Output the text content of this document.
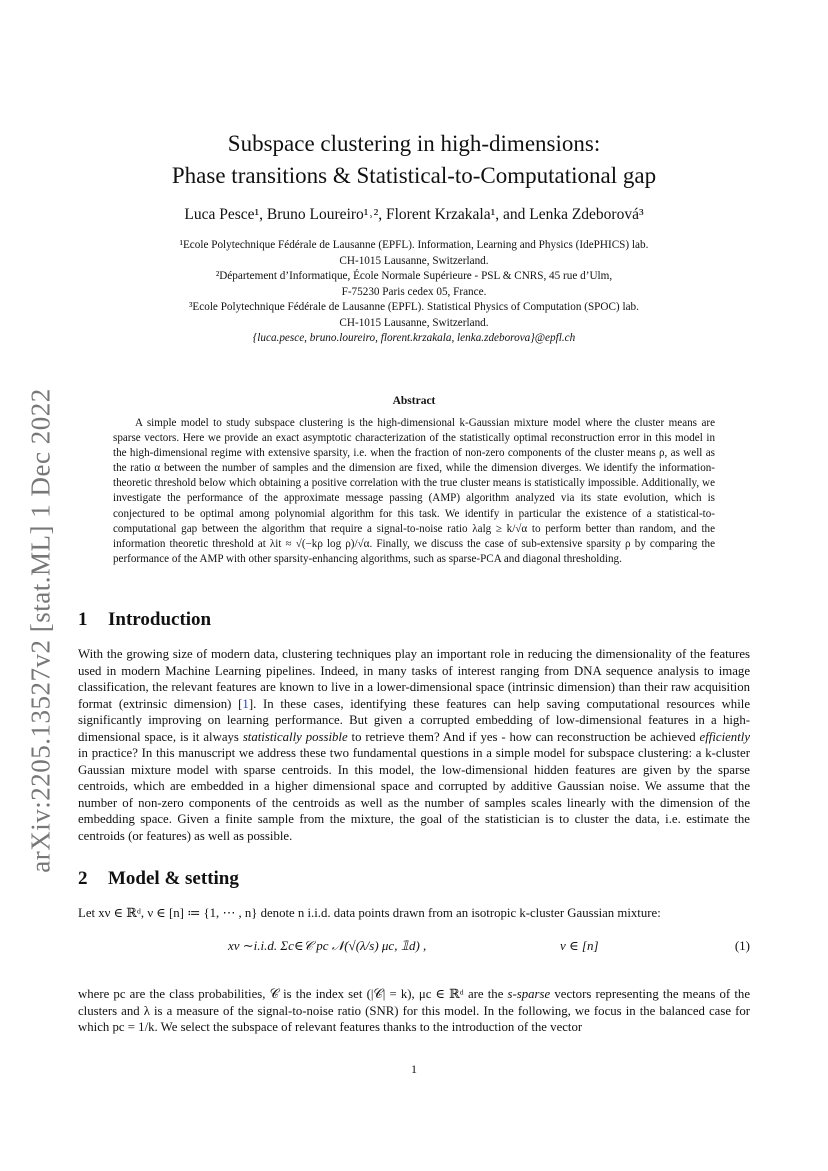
arXiv:2205.13527v2 [stat.ML] 1 Dec 2022
Subspace clustering in high-dimensions:
Phase transitions & Statistical-to-Computational gap
Luca Pesce¹, Bruno Loureiro¹˒², Florent Krzakala¹, and Lenka Zdeborová³
¹Ecole Polytechnique Fédérale de Lausanne (EPFL). Information, Learning and Physics (IdePHICS) lab.
CH-1015 Lausanne, Switzerland.
²Département d’Informatique, École Normale Supérieure - PSL & CNRS, 45 rue d’Ulm,
F-75230 Paris cedex 05, France.
³Ecole Polytechnique Fédérale de Lausanne (EPFL). Statistical Physics of Computation (SPOC) lab.
CH-1015 Lausanne, Switzerland.
{luca.pesce, bruno.loureiro, florent.krzakala, lenka.zdeborova}@epfl.ch
Abstract
A simple model to study subspace clustering is the high-dimensional k-Gaussian mixture model where the cluster means are sparse vectors. Here we provide an exact asymptotic characterization of the statistically optimal reconstruction error in this model in the high-dimensional regime with extensive sparsity, i.e. when the fraction of non-zero components of the cluster means ρ, as well as the ratio α between the number of samples and the dimension are fixed, while the dimension diverges. We identify the information-theoretic threshold below which obtaining a positive correlation with the true cluster means is statistically impossible. Additionally, we investigate the performance of the approximate message passing (AMP) algorithm analyzed via its state evolution, which is conjectured to be optimal among polynomial algorithm for this task. We identify in particular the existence of a statistical-to-computational gap between the algorithm that require a signal-to-noise ratio λalg ≥ k/√α to perform better than random, and the information theoretic threshold at λit ≈ √(−kρ log ρ)/√α. Finally, we discuss the case of sub-extensive sparsity ρ by comparing the performance of the AMP with other sparsity-enhancing algorithms, such as sparse-PCA and diagonal thresholding.
1 Introduction
With the growing size of modern data, clustering techniques play an important role in reducing the dimensionality of the features used in modern Machine Learning pipelines. Indeed, in many tasks of interest ranging from DNA sequence analysis to image classification, the relevant features are known to live in a lower-dimensional space (intrinsic dimension) than their raw acquisition format (extrinsic dimension) [1]. In these cases, identifying these features can help saving computational resources while significantly improving on learning performance. But given a corrupted embedding of low-dimensional features in a high-dimensional space, is it always statistically possible to retrieve them? And if yes - how can reconstruction be achieved efficiently in practice? In this manuscript we address these two fundamental questions in a simple model for subspace clustering: a k-cluster Gaussian mixture model with sparse centroids. In this model, the low-dimensional hidden features are given by the sparse centroids, which are embedded in a higher dimensional space and corrupted by additive Gaussian noise. We assume that the number of non-zero components of the centroids as well as the number of samples scales linearly with the dimension of the embedding space. Given a finite sample from the mixture, the goal of the statistician is to cluster the data, i.e. estimate the centroids (or features) as well as possible.
2 Model & setting
Let xν ∈ ℝᵈ, ν ∈ [n] ≔ {1, ⋯ , n} denote n i.i.d. data points drawn from an isotropic k-cluster Gaussian mixture:
xν ∼i.i.d. Σc∈𝒞 pc 𝒩(√(λ/s) μc, 𝟙d) ,	ν ∈ [n]	(1)
where pc are the class probabilities, 𝒞 is the index set (|𝒞| = k), μc ∈ ℝᵈ are the s-sparse vectors representing the means of the clusters and λ is a measure of the signal-to-noise ratio (SNR) for this model. In the following, we focus in the balanced case for which pc = 1/k. We select the subspace of relevant features thanks to the introduction of the vector
1
